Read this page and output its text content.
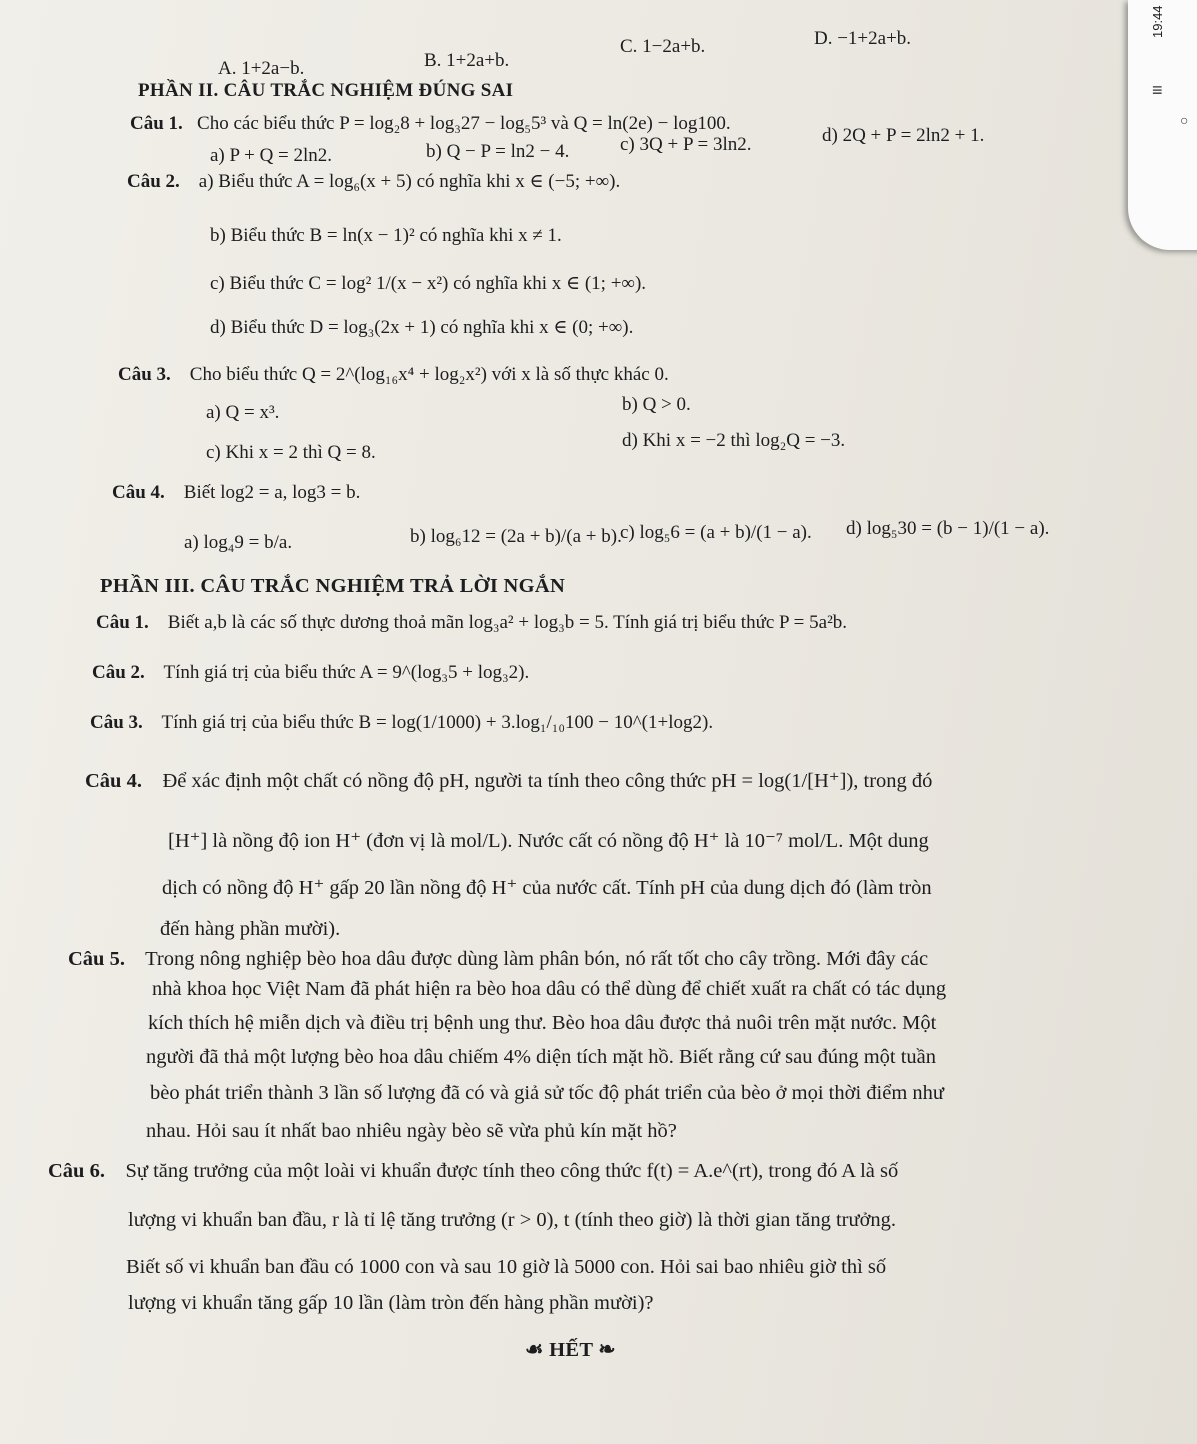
A. 1+2a−b.	B. 1+2a+b.
C. 1−2a+b.	D. −1+2a+b.
PHẦN II. CÂU TRẮC NGHIỆM ĐÚNG SAI
Câu 1. Cho các biểu thức P = log₂8 + log₃27 − log₅5³ và Q = ln(2e) − log100.
a) P + Q = 2ln2.	b) Q − P = ln2 − 4.	c) 3Q + P = 3ln2.	d) 2Q + P = 2ln2 + 1.
Câu 2. a) Biểu thức A = log₆(x + 5) có nghĩa khi x ∈ (−5; +∞).
b) Biểu thức B = ln(x − 1)² có nghĩa khi x ≠ 1.
c) Biểu thức C = log² 1/(x − x²) có nghĩa khi x ∈ (1; +∞).
d) Biểu thức D = log₃(2x + 1) có nghĩa khi x ∈ (0; +∞).
Câu 3. Cho biểu thức Q = 2^(log₁₆x⁴ + log₂x²) với x là số thực khác 0.
a) Q = x³.	b) Q > 0.
c) Khi x = 2 thì Q = 8.
d) Khi x = −2 thì log₂Q = −3.
Câu 4. Biết log2 = a, log3 = b.
a) log₄9 = b/a.	b) log₆12 = (2a + b)/(a + b).
c) log₅6 = (a + b)/(1 − a). d) log₅30 = (b − 1)/(1 − a).
PHẦN III. CÂU TRẮC NGHIỆM TRẢ LỜI NGẮN
Câu 1. Biết a,b là các số thực dương thoả mãn log₃a² + log₃b = 5. Tính giá trị biểu thức P = 5a²b.
Câu 2. Tính giá trị của biểu thức A = 9^(log₃5 + log₃2).
Câu 3. Tính giá trị của biểu thức B = log(1/1000) + 3.log₁/₁₀100 − 10^(1+log2).
Câu 4. Để xác định một chất có nồng độ pH, người ta tính theo công thức pH = log(1/[H⁺]), trong đó
[H⁺] là nồng độ ion H⁺ (đơn vị là mol/L). Nước cất có nồng độ H⁺ là 10⁻⁷ mol/L. Một dung
dịch có nồng độ H⁺ gấp 20 lần nồng độ H⁺ của nước cất. Tính pH của dung dịch đó (làm tròn
đến hàng phần mười).
Câu 5. Trong nông nghiệp bèo hoa dâu được dùng làm phân bón, nó rất tốt cho cây trồng. Mới đây các
nhà khoa học Việt Nam đã phát hiện ra bèo hoa dâu có thể dùng để chiết xuất ra chất có tác dụng
kích thích hệ miễn dịch và điều trị bệnh ung thư. Bèo hoa dâu được thả nuôi trên mặt nước. Một
người đã thả một lượng bèo hoa dâu chiếm 4% diện tích mặt hồ. Biết rằng cứ sau đúng một tuần
bèo phát triển thành 3 lần số lượng đã có và giả sử tốc độ phát triển của bèo ở mọi thời điểm như
nhau. Hỏi sau ít nhất bao nhiêu ngày bèo sẽ vừa phủ kín mặt hồ?
Câu 6. Sự tăng trưởng của một loài vi khuẩn được tính theo công thức f(t) = A.e^(rt), trong đó A là số
lượng vi khuẩn ban đầu, r là tỉ lệ tăng trưởng (r > 0), t (tính theo giờ) là thời gian tăng trưởng.
Biết số vi khuẩn ban đầu có 1000 con và sau 10 giờ là 5000 con. Hỏi sai bao nhiêu giờ thì số
lượng vi khuẩn tăng gấp 10 lần (làm tròn đến hàng phần mười)?
☙ HẾT ❧
19:44
≡
○
